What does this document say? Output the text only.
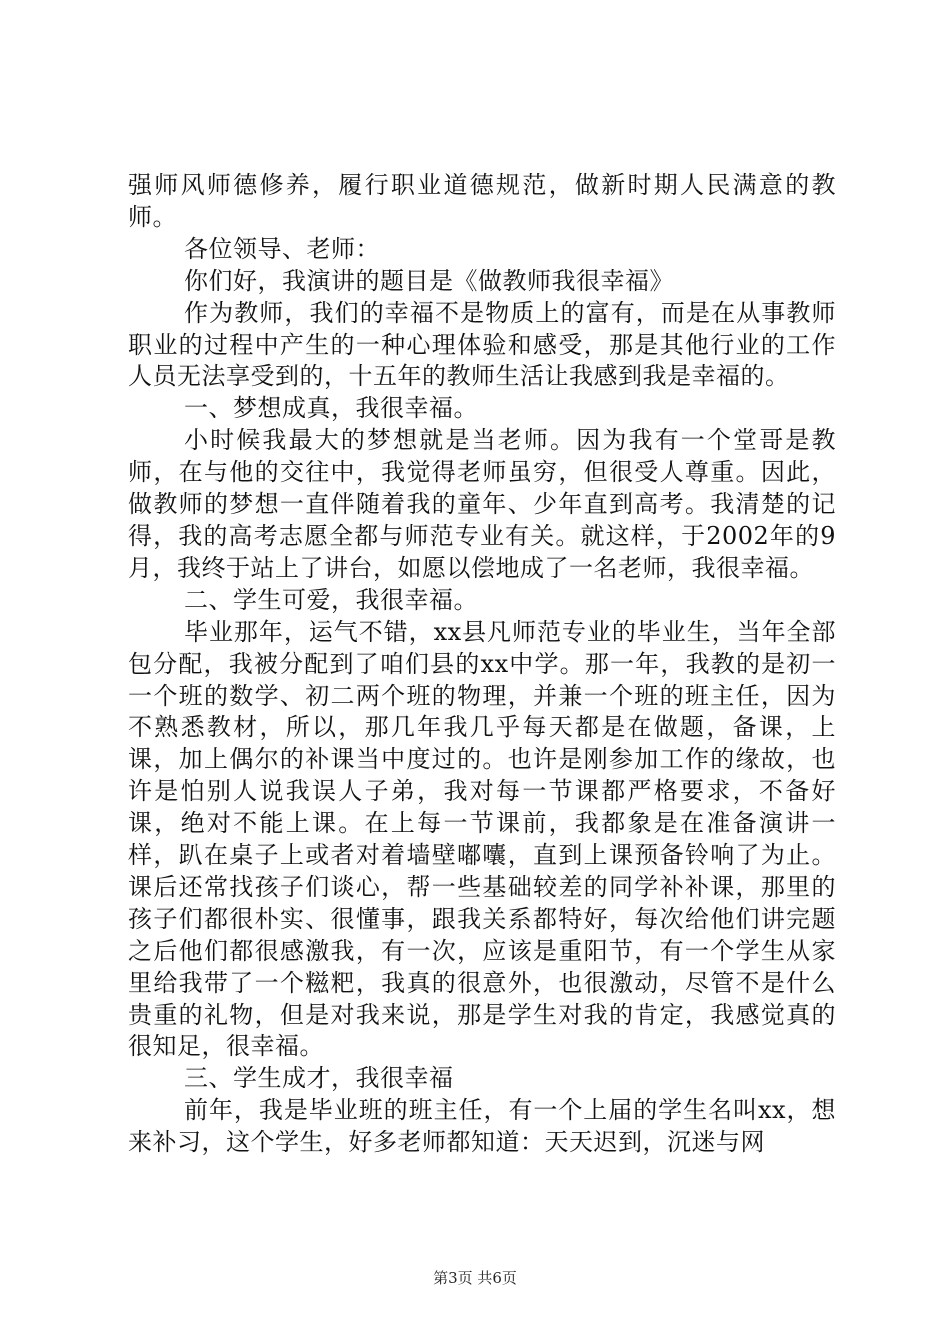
强师风师德修养，履行职业道德规范，做新时期人民满意的教师。

各位领导、老师：

你们好，我演讲的题目是《做教师我很幸福》

作为教师，我们的幸福不是物质上的富有，而是在从事教师职业的过程中产生的一种心理体验和感受，那是其他行业的工作人员无法享受到的，十五年的教师生活让我感到我是幸福的。

一、梦想成真，我很幸福。

小时候我最大的梦想就是当老师。因为我有一个堂哥是教师，在与他的交往中，我觉得老师虽穷，但很受人尊重。因此，做教师的梦想一直伴随着我的童年、少年直到高考。我清楚的记得，我的高考志愿全都与师范专业有关。就这样，于2002年的9月，我终于站上了讲台，如愿以偿地成了一名老师，我很幸福。

二、学生可爱，我很幸福。

毕业那年，运气不错，xx县凡师范专业的毕业生，当年全部包分配，我被分配到了咱们县的xx中学。那一年，我教的是初一一个班的数学、初二两个班的物理，并兼一个班的班主任，因为不熟悉教材，所以，那几年我几乎每天都是在做题，备课，上课，加上偶尔的补课当中度过的。也许是刚参加工作的缘故，也许是怕别人说我误人子弟，我对每一节课都严格要求，不备好课，绝对不能上课。在上每一节课前，我都象是在准备演讲一样，趴在桌子上或者对着墙壁嘟囔，直到上课预备铃响了为止。课后还常找孩子们谈心，帮一些基础较差的同学补补课，那里的孩子们都很朴实、很懂事，跟我关系都特好，每次给他们讲完题之后他们都很感激我，有一次，应该是重阳节，有一个学生从家里给我带了一个糍粑，我真的很意外，也很激动，尽管不是什么贵重的礼物，但是对我来说，那是学生对我的肯定，我感觉真的很知足，很幸福。

三、学生成才，我很幸福

前年，我是毕业班的班主任，有一个上届的学生名叫xx，想来补习，这个学生，好多老师都知道：天天迟到，沉迷与网

第3页 共6页
